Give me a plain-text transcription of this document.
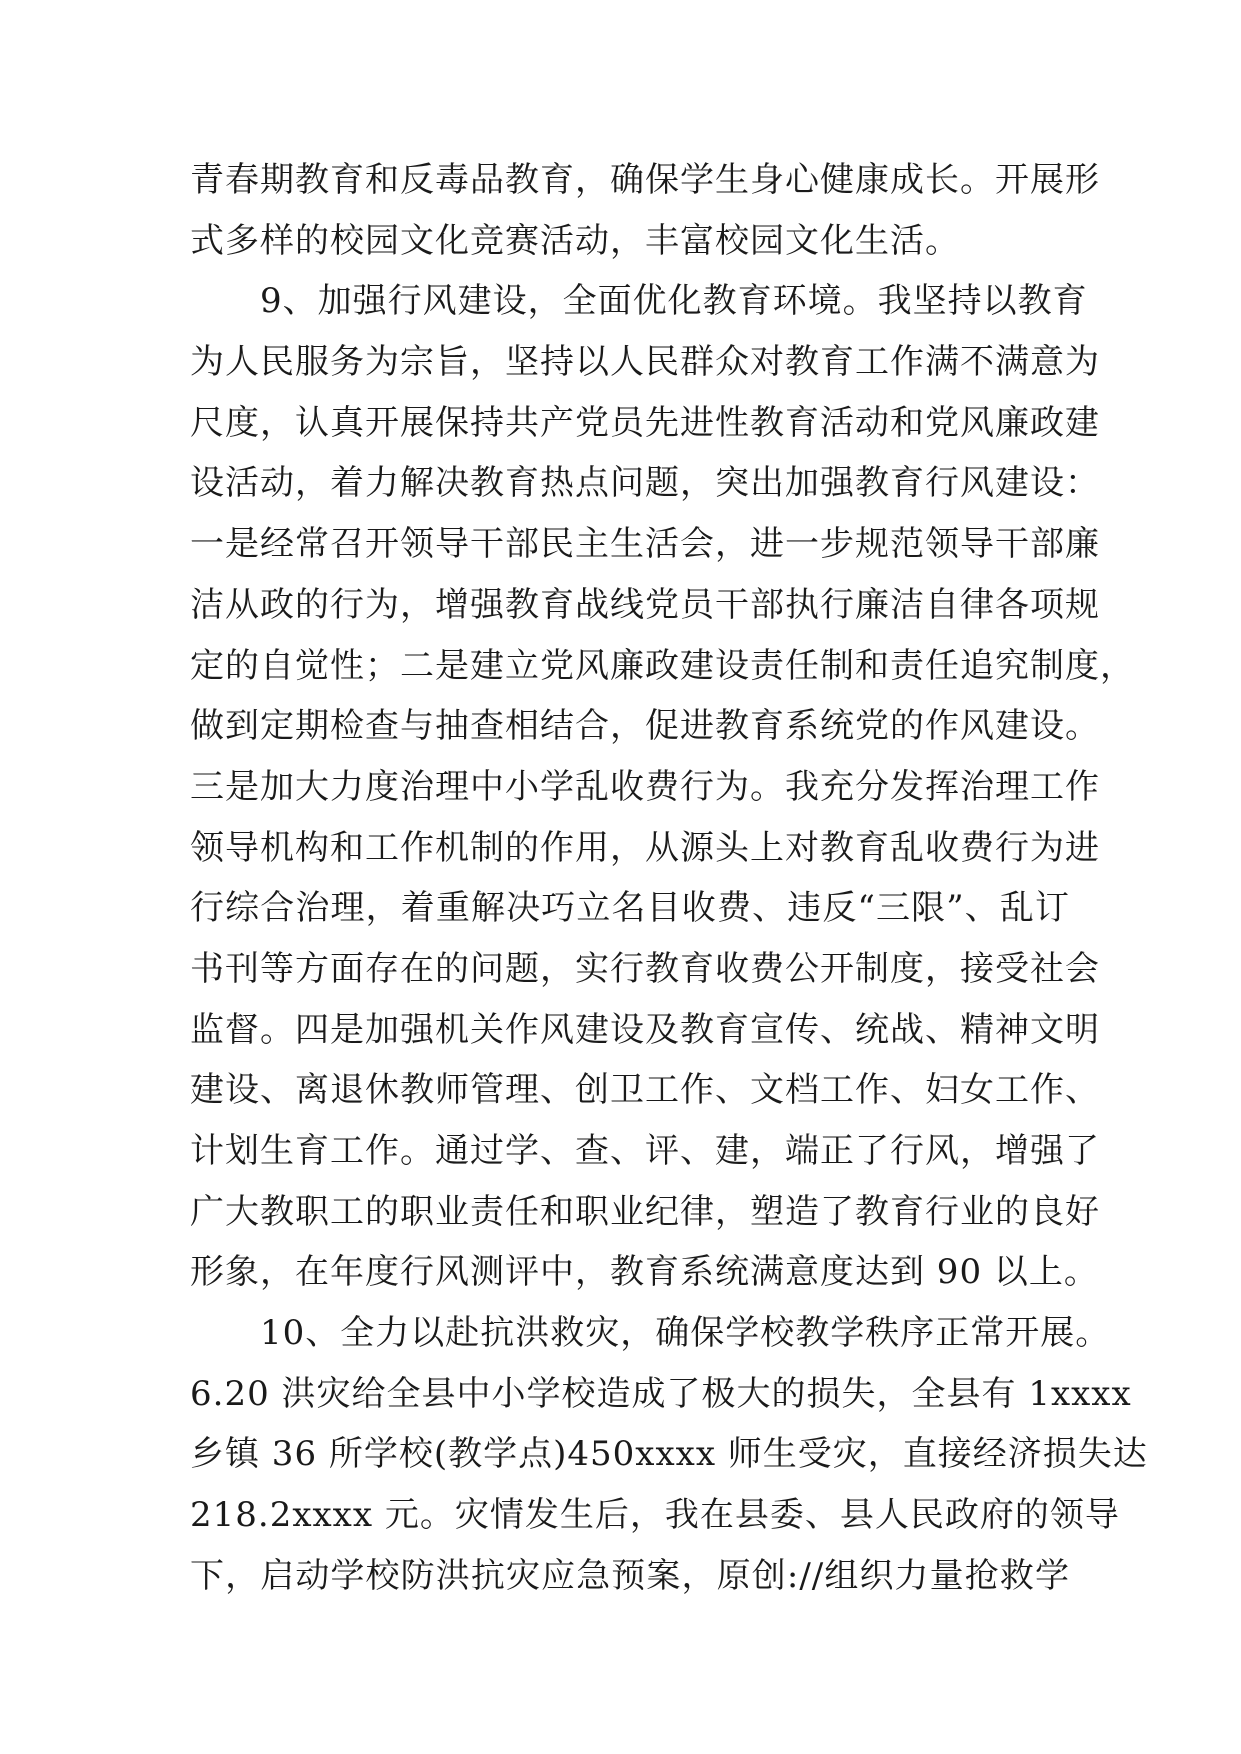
青春期教育和反毒品教育，确保学生身心健康成长。开展形
式多样的校园文化竞赛活动，丰富校园文化生活。
　　9、加强行风建设，全面优化教育环境。我坚持以教育
为人民服务为宗旨，坚持以人民群众对教育工作满不满意为
尺度，认真开展保持共产党员先进性教育活动和党风廉政建
设活动，着力解决教育热点问题，突出加强教育行风建设：
一是经常召开领导干部民主生活会，进一步规范领导干部廉
洁从政的行为，增强教育战线党员干部执行廉洁自律各项规
定的自觉性；二是建立党风廉政建设责任制和责任追究制度，
做到定期检查与抽查相结合，促进教育系统党的作风建设。
三是加大力度治理中小学乱收费行为。我充分发挥治理工作
领导机构和工作机制的作用，从源头上对教育乱收费行为进
行综合治理，着重解决巧立名目收费、违反“三限”、乱订
书刊等方面存在的问题，实行教育收费公开制度，接受社会
监督。四是加强机关作风建设及教育宣传、统战、精神文明
建设、离退休教师管理、创卫工作、文档工作、妇女工作、
计划生育工作。通过学、查、评、建，端正了行风，增强了
广大教职工的职业责任和职业纪律，塑造了教育行业的良好
形象，在年度行风测评中，教育系统满意度达到 90 以上。
　　10、全力以赴抗洪救灾，确保学校教学秩序正常开展。
6.20 洪灾给全县中小学校造成了极大的损失，全县有 1xxxx
乡镇 36 所学校(教学点)450xxxx 师生受灾，直接经济损失达
218.2xxxx 元。灾情发生后，我在县委、县人民政府的领导
下，启动学校防洪抗灾应急预案，原创://组织力量抢救学
